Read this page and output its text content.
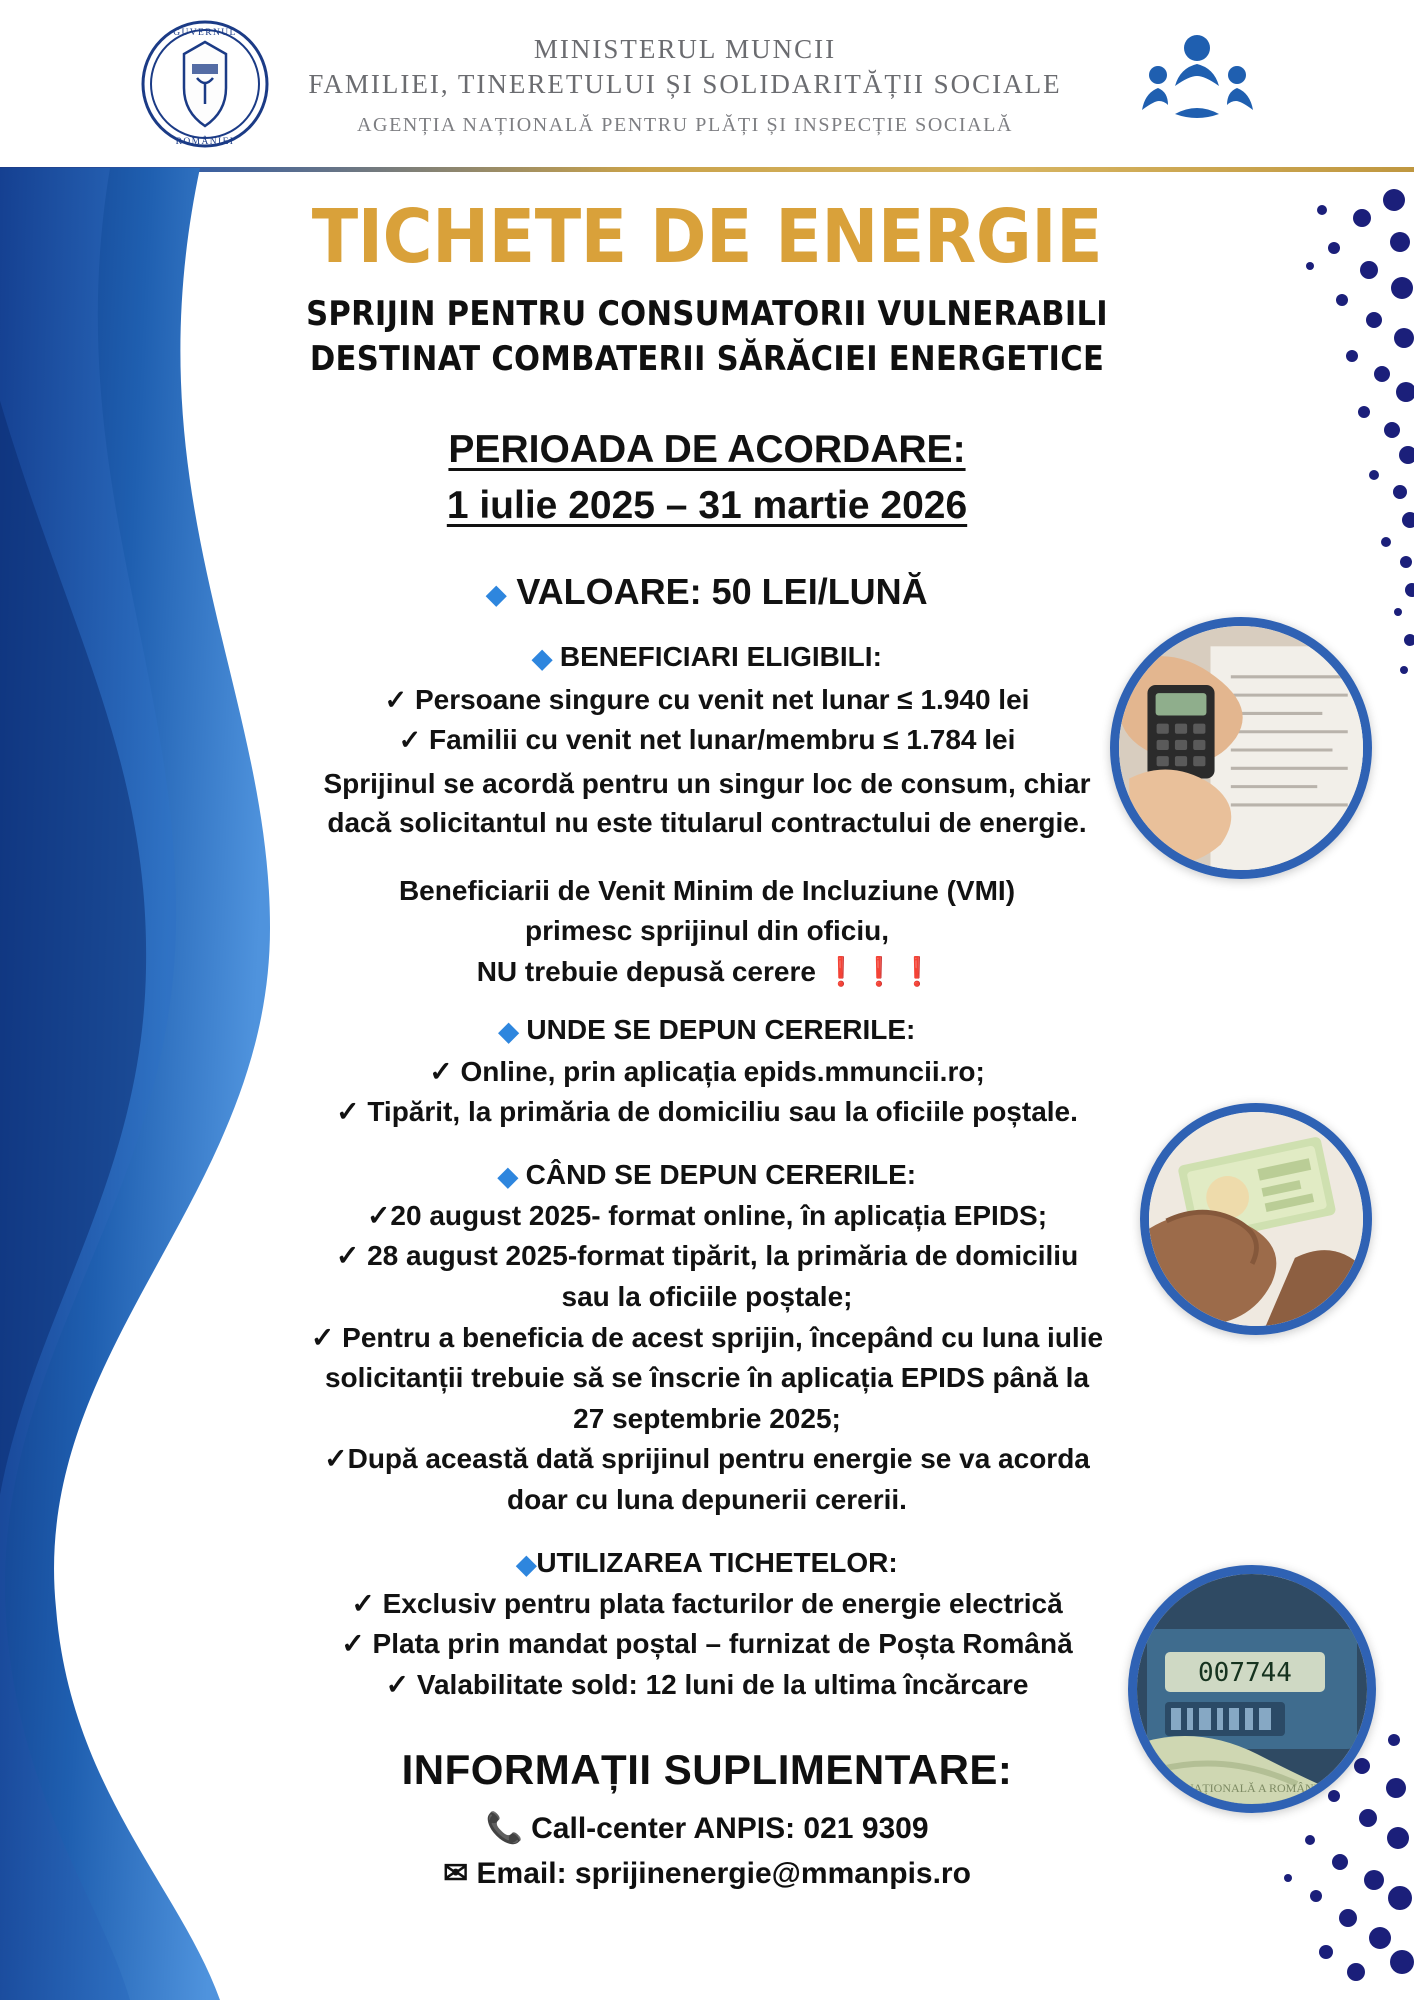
GUVERNUL
ROMÂNIEI
MINISTERUL MUNCII
FAMILIEI, TINERETULUI ȘI SOLIDARITĂȚII SOCIALE
AGENȚIA NAȚIONALĂ PENTRU PLĂȚI ȘI INSPECȚIE SOCIALĂ
007744
NAȚIONALĂ A ROMÂNIEI
TICHETE DE ENERGIE
SPRIJIN PENTRU CONSUMATORII VULNERABILI
DESTINAT COMBATERII SĂRĂCIEI ENERGETICE
PERIOADA DE ACORDARE:
1 iulie 2025 – 31 martie 2026
◆ VALOARE: 50 LEI/LUNĂ
◆ BENEFICIARI ELIGIBILI:
✓ Persoane singure cu venit net lunar ≤ 1.940 lei
✓ Familii cu venit net lunar/membru ≤ 1.784 lei
Sprijinul se acordă pentru un singur loc de consum, chiar
dacă solicitantul nu este titularul contractului de energie.
Beneficiarii de Venit Minim de Incluziune (VMI)
primesc sprijinul din oficiu,
NU trebuie depusă cerere ❗❗❗
◆ UNDE SE DEPUN CERERILE:
✓ Online, prin aplicația epids.mmuncii.ro;
✓ Tipărit, la primăria de domiciliu sau la oficiile poștale.
◆ CÂND SE DEPUN CERERILE:
✓20 august 2025- format online, în aplicația EPIDS;
✓ 28 august 2025-format tipărit, la primăria de domiciliu
sau la oficiile poștale;
✓ Pentru a beneficia de acest sprijin, începând cu luna iulie
solicitanții trebuie să se înscrie în aplicația EPIDS până la
27 septembrie 2025;
✓După această dată sprijinul pentru energie se va acorda
doar cu luna depunerii cererii.
◆UTILIZAREA TICHETELOR:
✓ Exclusiv pentru plata facturilor de energie electrică
✓ Plata prin mandat poștal – furnizat de Poșta Română
✓ Valabilitate sold: 12 luni de la ultima încărcare
INFORMAȚII SUPLIMENTARE:
📞 Call-center ANPIS: 021 9309
✉ Email: sprijinenergie@mmanpis.ro
